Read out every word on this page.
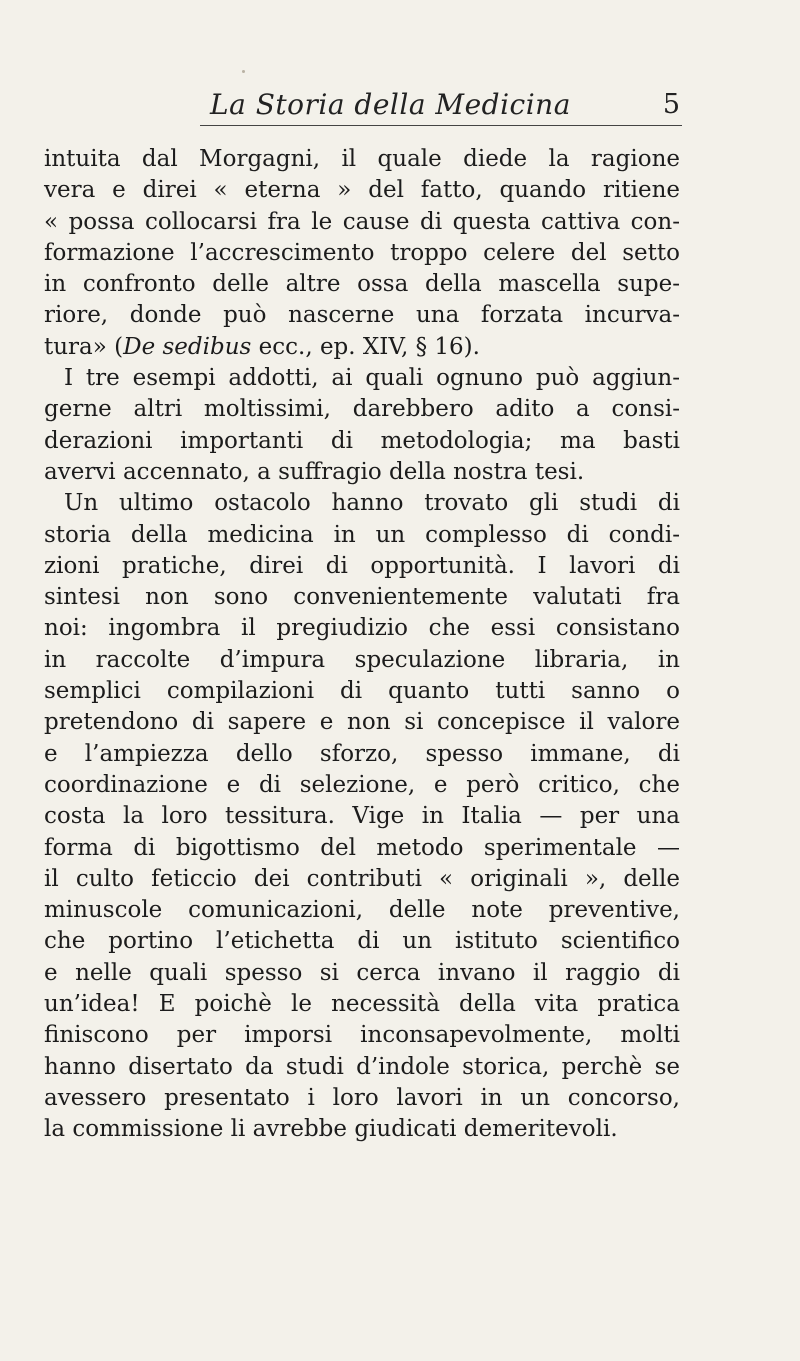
La Storia della Medicina	5
intuita dal Morgagni, il quale diede la ragione
vera e direi « eterna » del fatto, quando ritiene
« possa collocarsi fra le cause di questa cattiva con-
formazione l’accrescimento troppo celere del setto
in confronto delle altre ossa della mascella supe-
riore, donde può nascerne una forzata incurva-
tura» (De sedibus ecc., ep. XIV, § 16).
I tre esempi addotti, ai quali ognuno può aggiun-
gerne altri moltissimi, darebbero adito a consi-
derazioni importanti di metodologia; ma basti
avervi accennato, a suffragio della nostra tesi.
Un ultimo ostacolo hanno trovato gli studi di
storia della medicina in un complesso di condi-
zioni pratiche, direi di opportunità. I lavori di
sintesi non sono convenientemente valutati fra
noi: ingombra il pregiudizio che essi consistano
in raccolte d’impura speculazione libraria, in
semplici compilazioni di quanto tutti sanno o
pretendono di sapere e non si concepisce il valore
e l’ampiezza dello sforzo, spesso immane, di
coordinazione e di selezione, e però critico, che
costa la loro tessitura. Vige in Italia — per una
forma di bigottismo del metodo sperimentale —
il culto feticcio dei contributi « originali », delle
minuscole comunicazioni, delle note preventive,
che portino l’etichetta di un istituto scientifico
e nelle quali spesso si cerca invano il raggio di
un’idea! E poichè le necessità della vita pratica
finiscono per imporsi inconsapevolmente, molti
hanno disertato da studi d’indole storica, perchè se
avessero presentato i loro lavori in un concorso,
la commissione li avrebbe giudicati demeritevoli.
